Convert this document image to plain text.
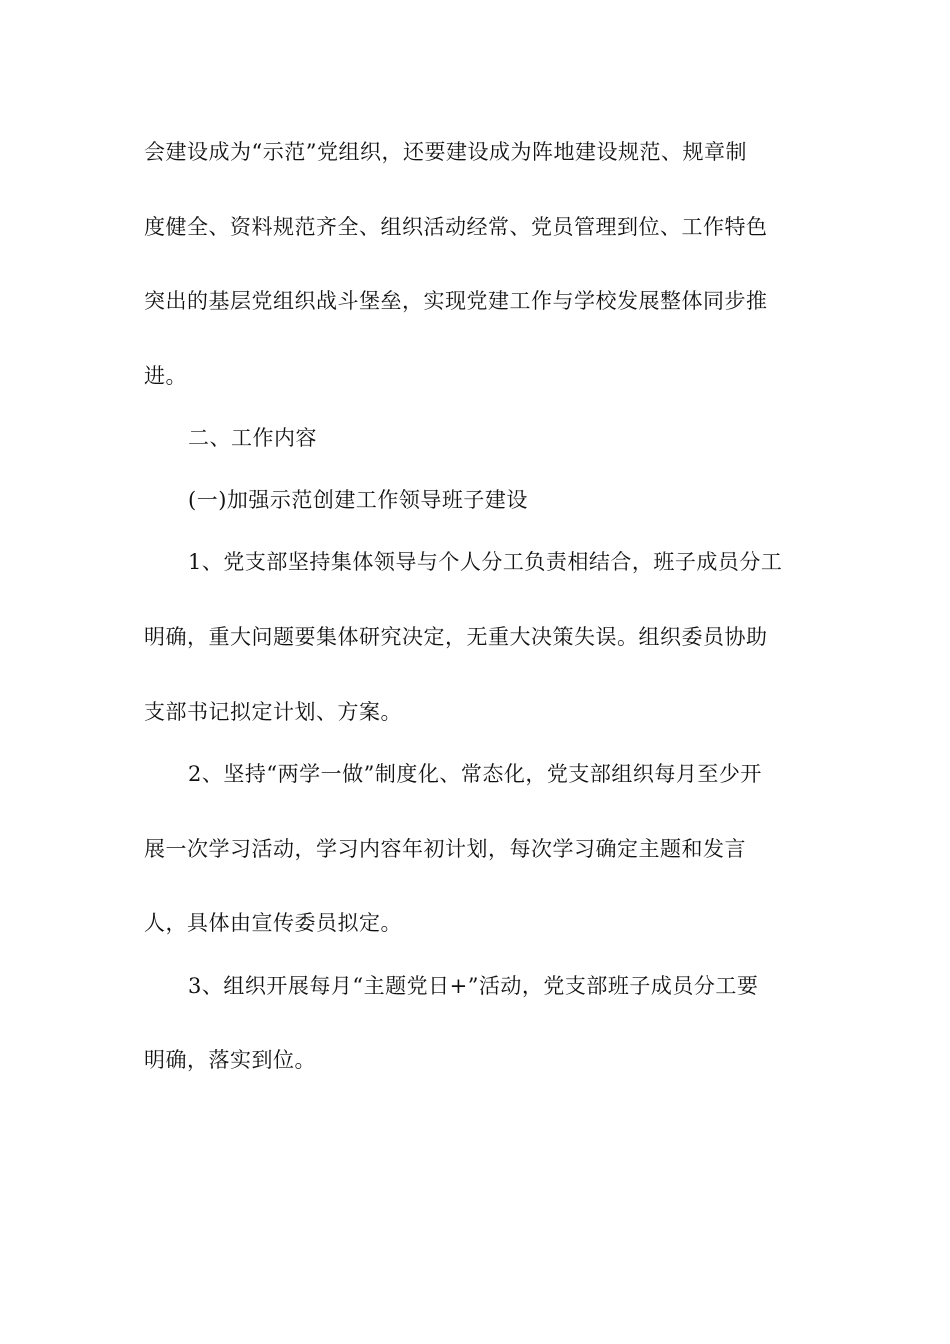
会建设成为“示范”党组织，还要建设成为阵地建设规范、规章制
度健全、资料规范齐全、组织活动经常、党员管理到位、工作特色
突出的基层党组织战斗堡垒，实现党建工作与学校发展整体同步推
进。
二、工作内容
(一)加强示范创建工作领导班子建设
1、党支部坚持集体领导与个人分工负责相结合，班子成员分工
明确，重大问题要集体研究决定，无重大决策失误。组织委员协助
支部书记拟定计划、方案。
2、坚持“两学一做”制度化、常态化，党支部组织每月至少开
展一次学习活动，学习内容年初计划，每次学习确定主题和发言
人，具体由宣传委员拟定。
3、组织开展每月“主题党日+”活动，党支部班子成员分工要
明确，落实到位。
